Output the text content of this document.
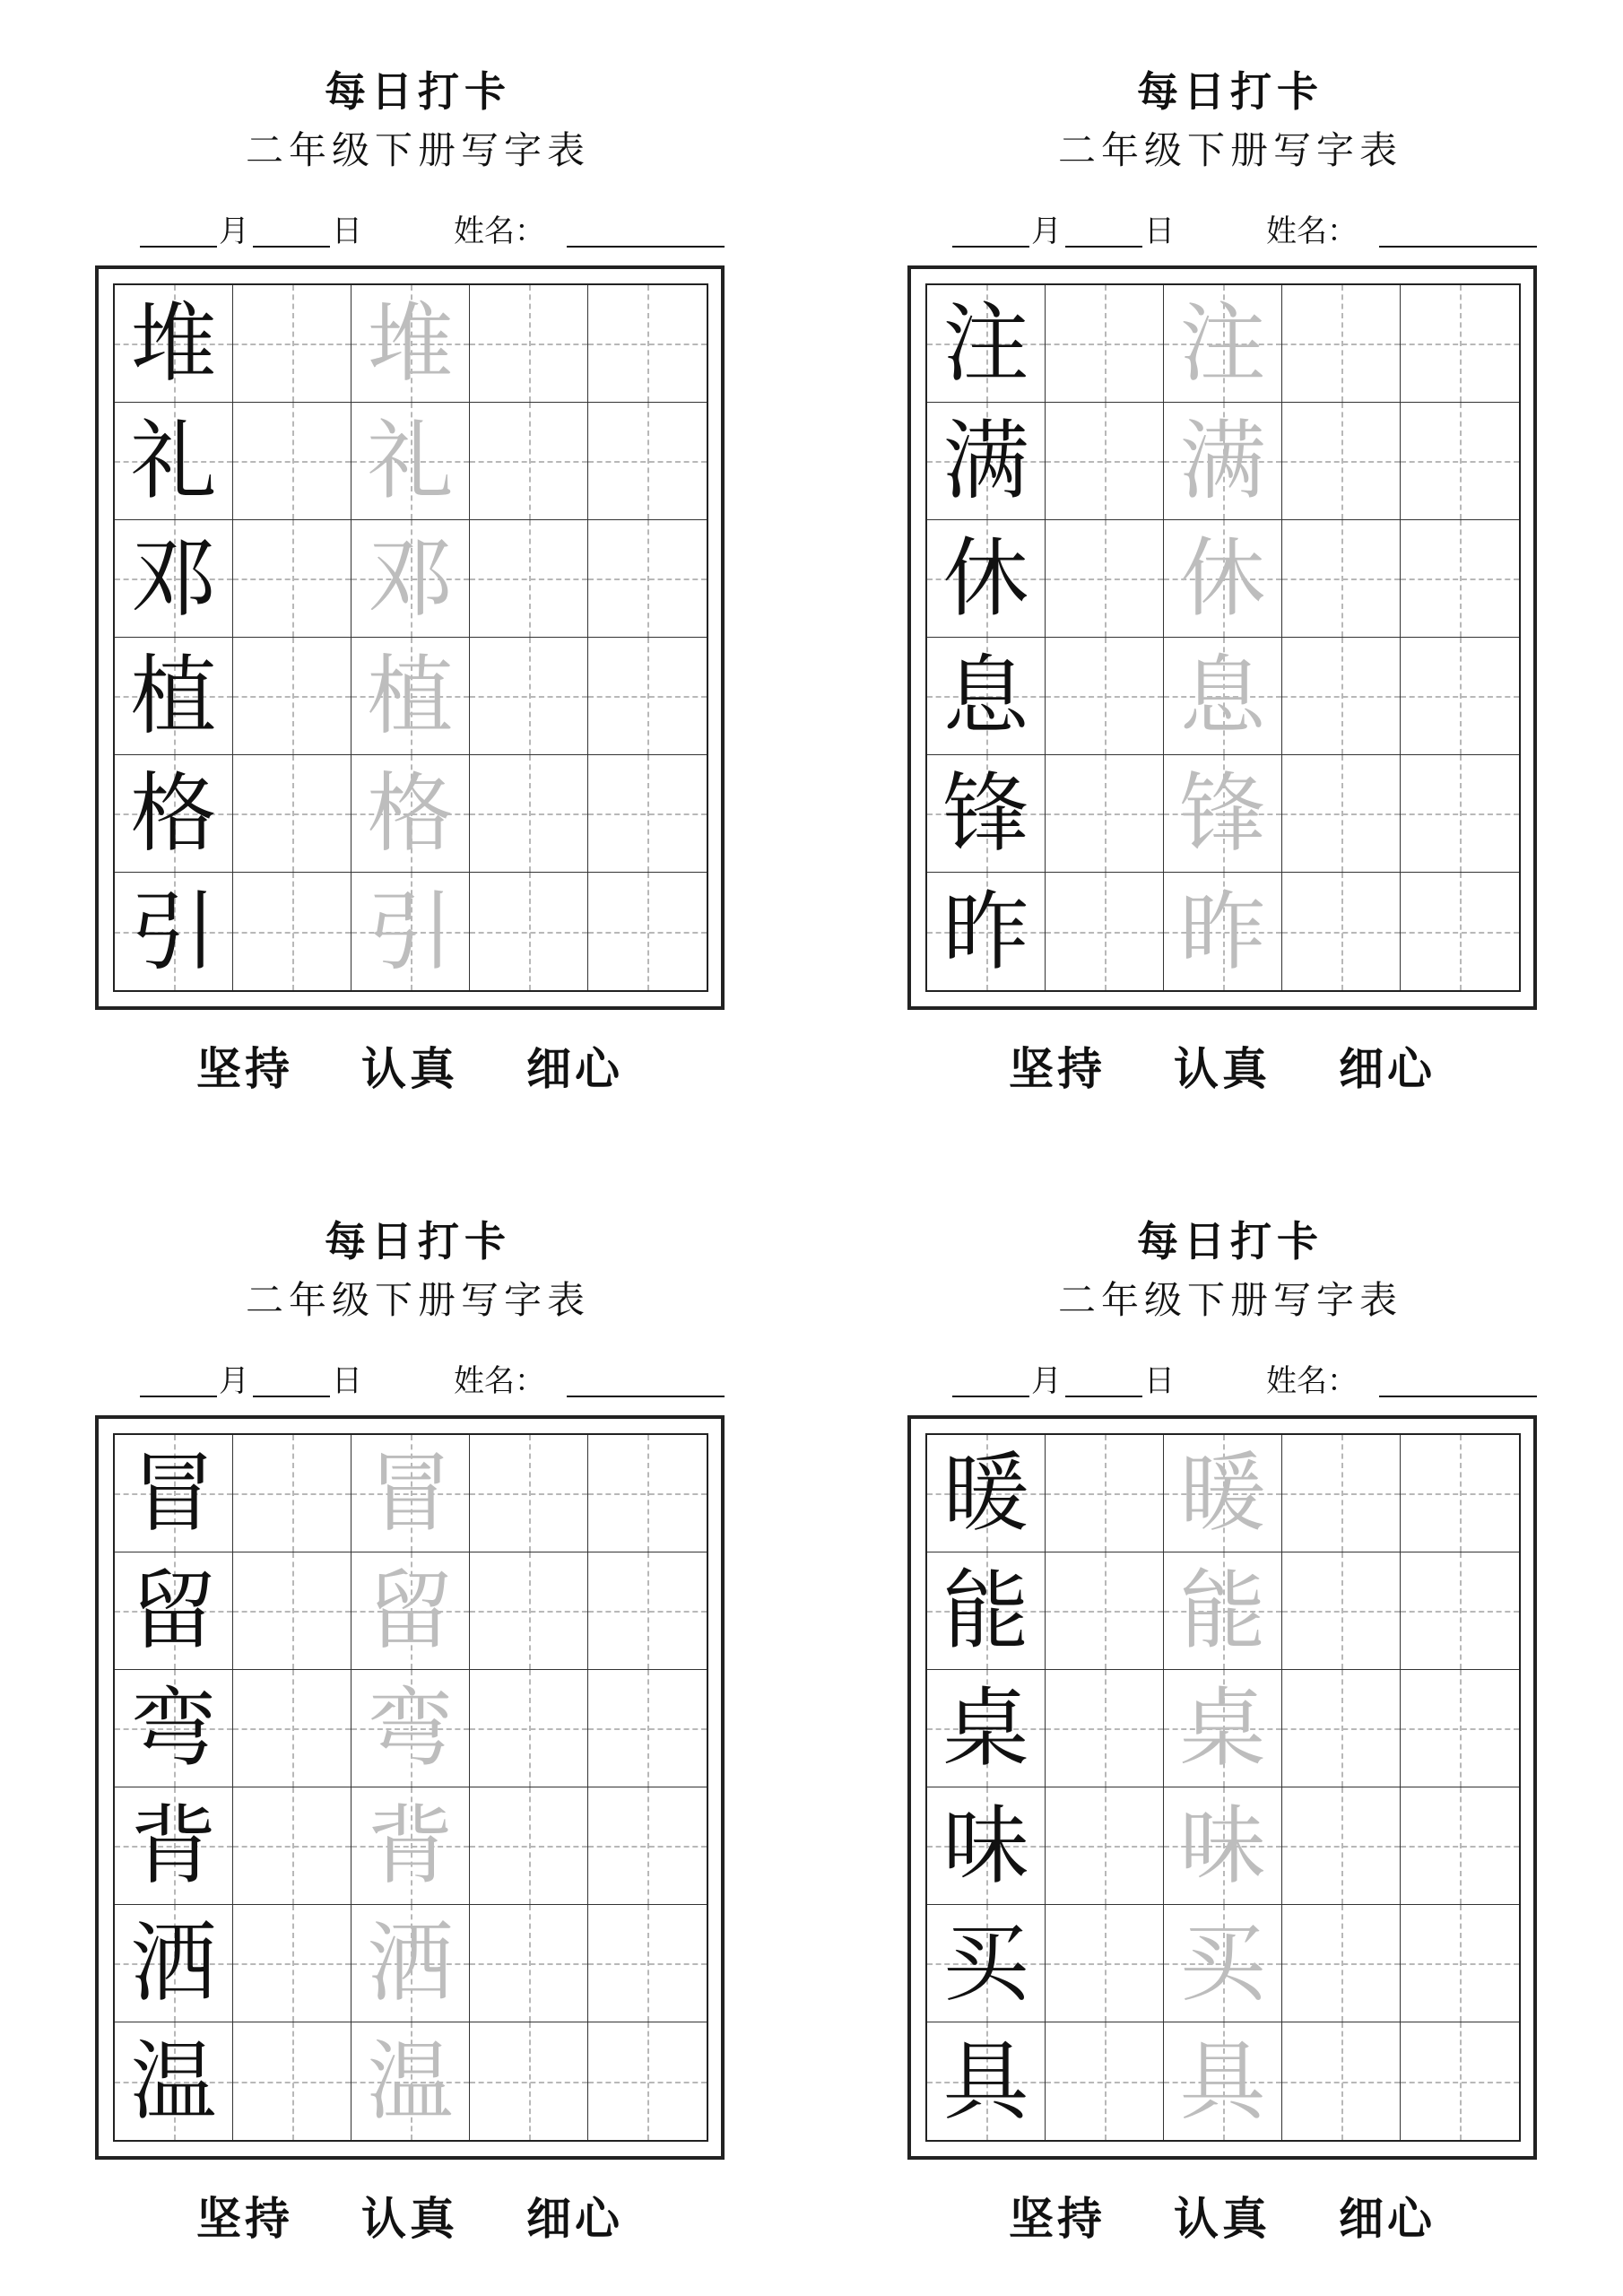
每日打卡
二年级下册写字表
月	日	姓名：
堆 堆
礼 礼
邓 邓
植 植
格 格
引 引
坚持 认真 细心
每日打卡
二年级下册写字表
月	日	姓名：
注 注
满 满
休 休
息 息
锋 锋
昨 昨
坚持 认真 细心
每日打卡
二年级下册写字表
月	日	姓名：
冒 冒
留 留
弯 弯
背 背
洒 洒
温 温
坚持 认真 细心
每日打卡
二年级下册写字表
月	日	姓名：
暖 暖
能 能
桌 桌
味 味
买 买
具 具
坚持 认真 细心
